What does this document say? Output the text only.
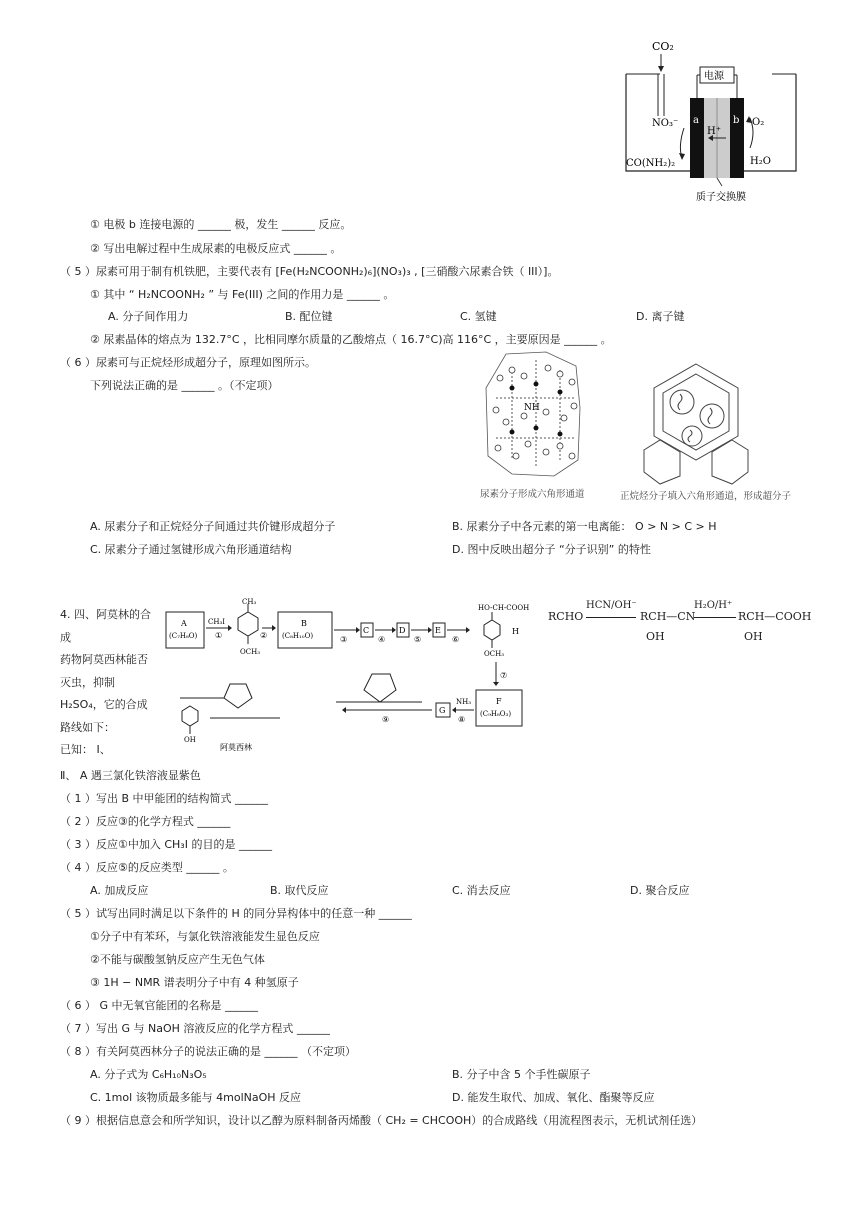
CO₂
电源
NO₃⁻ a	b
H⁺
O₂
H₂O
CO(NH₂)₂
质子交换膜
① 电极 b 连接电源的 ______ 极，发生 ______ 反应。
② 写出电解过程中生成尿素的电极反应式 ______ 。
（ 5 ）尿素可用于制有机铁肥，主要代表有 [Fe(H₂NCOONH₂)₆](NO₃)₃ , [三硝酸六尿素合铁（ III）]。
① 其中 “ H₂NCOONH₂ ” 与 Fe(III) 之间的作用力是 ______ 。
A. 分子间作用力	B. 配位键	C. 氢键	D. 离子键
② 尿素晶体的熔点为 132.7°C ，比相同摩尔质量的乙酸熔点（ 16.7°C)高 116°C ，主要原因是 ______ 。
（ 6 ）尿素可与正烷烃形成超分子，原理如图所示。
下列说法正确的是 ______ 。（不定项）
NH
尿素分子形成六角形通道	正烷烃分子填入六角形通道，形成超分子
A. 尿素分子和正烷烃分子间通过共价键形成超分子	B. 尿素分子中各元素的第一电离能： O > N > C > H
C. 尿素分子通过氢键形成六角形通道结构	D. 图中反映出超分子 “分子识别” 的特性
4. 四、阿莫林的合
成
药物阿莫西林能否
灭虫，抑制
H₂SO₄，它的合成
路线如下：
已知： Ⅰ、
A
(C₇H₈O)
CH₃I
①
CH₃
OCH₃
②
B
(C₈H₁₀O)	③
C
④
D
⑤
E
⑥
HO-CH-COOH
OCH₃
H
⑦
F
(C₉H₈O₃)
NH₃
⑧
G
⑨
OH
阿莫西林
RCHO
HCN/OH⁻
RCH—CN
OH
H₂O/H⁺
RCH—COOH
OH
Ⅱ、 A 遇三氯化铁溶液显紫色
（ 1 ）写出 B 中甲能团的结构简式 ______
（ 2 ）反应③的化学方程式 ______
（ 3 ）反应①中加入 CH₃I 的目的是 ______
（ 4 ）反应⑤的反应类型 ______ 。
A. 加成反应	B. 取代反应	C. 消去反应	D. 聚合反应
（ 5 ）试写出同时满足以下条件的 H 的同分异构体中的任意一种 ______
①分子中有苯环，与氯化铁溶液能发生显色反应
②不能与碳酸氢钠反应产生无色气体
③ 1H − NMR 谱表明分子中有 4 种氢原子
（ 6 ） G 中无氧官能团的名称是 ______
（ 7 ）写出 G 与 NaOH 溶液反应的化学方程式 ______
（ 8 ）有关阿莫西林分子的说法正确的是 ______ （不定项）
A. 分子式为 C₆H₁₀N₃O₅	B. 分子中含 5 个手性碳原子
C. 1mol 该物质最多能与 4molNaOH 反应	D. 能发生取代、加成、氧化、酯聚等反应
（ 9 ）根据信息意会和所学知识，设计以乙醇为原料制备丙烯酸（ CH₂ = CHCOOH）的合成路线（用流程图表示，无机试剂任选）
